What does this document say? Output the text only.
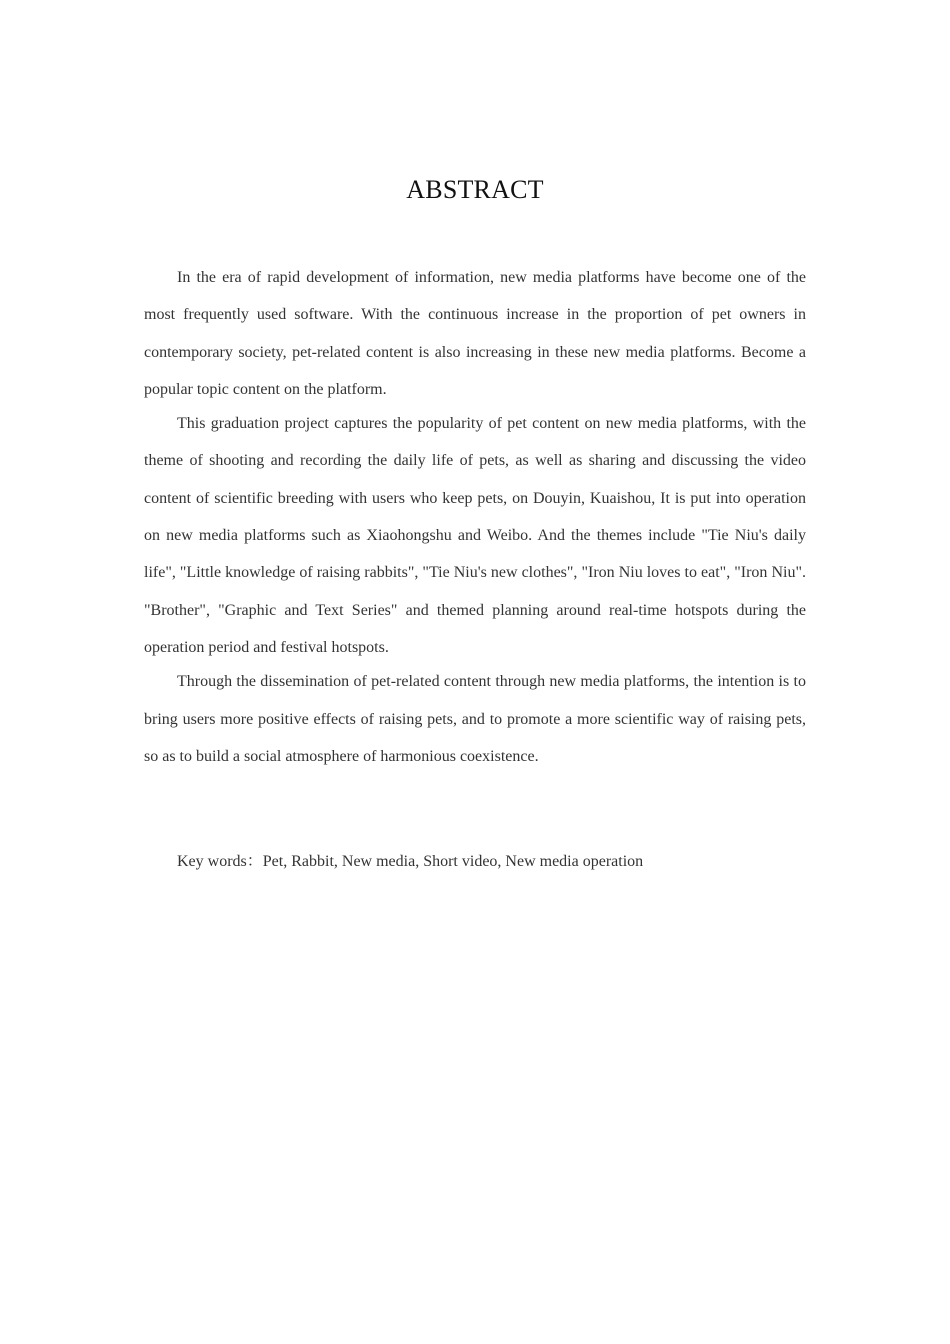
ABSTRACT

In the era of rapid development of information, new media platforms have become one of the most frequently used software. With the continuous increase in the proportion of pet owners in contemporary society, pet-related content is also increasing in these new media platforms. Become a popular topic content on the platform.

This graduation project captures the popularity of pet content on new media platforms, with the theme of shooting and recording the daily life of pets, as well as sharing and discussing the video content of scientific breeding with users who keep pets, on Douyin, Kuaishou, It is put into operation on new media platforms such as Xiaohongshu and Weibo. And the themes include "Tie Niu's daily life", "Little knowledge of raising rabbits", "Tie Niu's new clothes", "Iron Niu loves to eat", "Iron Niu". "Brother", "Graphic and Text Series" and themed planning around real-time hotspots during the operation period and festival hotspots.

Through the dissemination of pet-related content through new media platforms, the intention is to bring users more positive effects of raising pets, and to promote a more scientific way of raising pets, so as to build a social atmosphere of harmonious coexistence.

Key words：Pet, Rabbit, New media, Short video, New media operation
